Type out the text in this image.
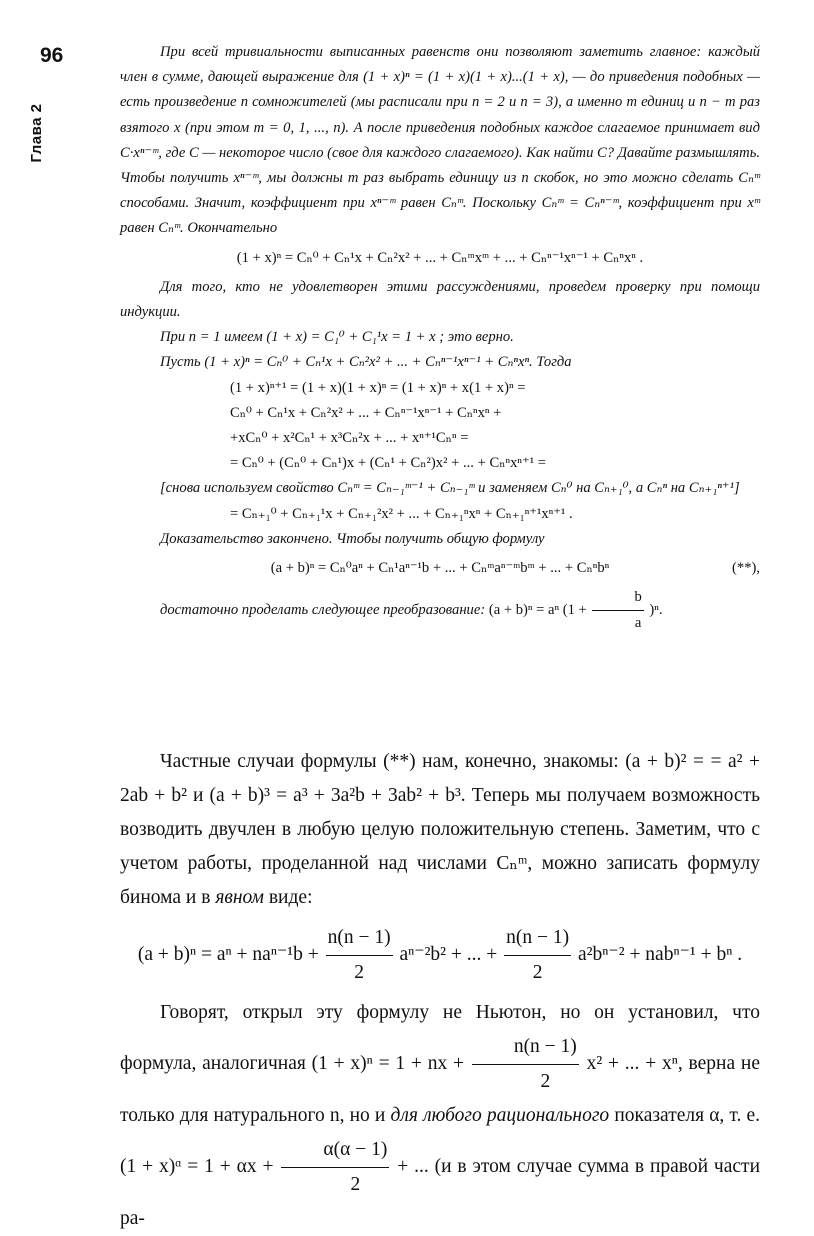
96
Глава 2

При всей тривиальности выписанных равенств они позволяют заметить главное: каждый член в сумме, дающей выражение для (1 + x)ⁿ = (1 + x)(1 + x)...(1 + x), — до приведения подобных — есть произведение n сомножителей (мы расписали при n = 2 и n = 3), а именно m единиц и n − m раз взятого x (при этом m = 0, 1, ..., n). А после приведения подобных каждое слагаемое принимает вид C·xⁿ⁻ᵐ, где C — некоторое число (свое для каждого слагаемого). Как найти C? Давайте размышлять. Чтобы получить xⁿ⁻ᵐ, мы должны m раз выбрать единицу из n скобок, но это можно сделать Cₙᵐ способами. Значит, коэффициент при xⁿ⁻ᵐ равен Cₙᵐ. Поскольку Cₙᵐ = Cₙⁿ⁻ᵐ, коэффициент при xᵐ равен Cₙᵐ. Окончательно

(1 + x)ⁿ = Cₙ⁰ + Cₙ¹x + Cₙ²x² + ... + Cₙᵐxᵐ + ... + Cₙⁿ⁻¹xⁿ⁻¹ + Cₙⁿxⁿ .

Для того, кто не удовлетворен этими рассуждениями, проведем проверку при помощи индукции.

При n = 1 имеем (1 + x) = C₁⁰ + C₁¹x = 1 + x ; это верно.

Пусть (1 + x)ⁿ = Cₙ⁰ + Cₙ¹x + Cₙ²x² + ... + Cₙⁿ⁻¹xⁿ⁻¹ + Cₙⁿxⁿ. Тогда

(1 + x)ⁿ⁺¹ = (1 + x)(1 + x)ⁿ = (1 + x)ⁿ + x(1 + x)ⁿ =
Cₙ⁰ + Cₙ¹x + Cₙ²x² + ... + Cₙⁿ⁻¹xⁿ⁻¹ + Cₙⁿxⁿ +
+xCₙ⁰ + x²Cₙ¹ + x³Cₙ²x + ... + xⁿ⁺¹Cₙⁿ =
= Cₙ⁰ + (Cₙ⁰ + Cₙ¹)x + (Cₙ¹ + Cₙ²)x² + ... + Cₙⁿxⁿ⁺¹ =

[снова используем свойство Cₙᵐ = Cₙ₋₁ᵐ⁻¹ + Cₙ₋₁ᵐ и заменяем Cₙ⁰ на Cₙ₊₁⁰, а Cₙⁿ на Cₙ₊₁ⁿ⁺¹]

= Cₙ₊₁⁰ + Cₙ₊₁¹x + Cₙ₊₁²x² + ... + Cₙ₊₁ⁿxⁿ + Cₙ₊₁ⁿ⁺¹xⁿ⁺¹ .

Доказательство закончено. Чтобы получить общую формулу

(a + b)ⁿ = Cₙ⁰aⁿ + Cₙ¹aⁿ⁻¹b + ... + Cₙᵐaⁿ⁻ᵐbᵐ + ... + Cₙⁿbⁿ	(**),

достаточно проделать следующее преобразование: (a + b)ⁿ = aⁿ $(1 + \frac{b}{a} )^n$.

Частные случаи формулы (**) нам, конечно, знакомы: (a + b)² = = a² + 2ab + b² и (a + b)³ = a³ + 3a²b + 3ab² + b³. Теперь мы получаем возможность возводить двучлен в любую целую положительную степень. Заметим, что с учетом работы, проделанной над числами Cₙᵐ, можно записать формулу бинома и в явном виде:

$(a + b)^n = a^n + na^{n-1}b + \frac{n(n - 1)}{2} a^{n-2}b^2$ + ... + $\frac{n(n - 1)}{2} a^2b^{n-2} + nab^{n-1} + b^n$ .

Говорят, открыл эту формулу не Ньютон, но он установил, что формула, аналогичная (1 + x)ⁿ = 1 + nx + $\frac{n(n - 1)}{2} x^2$ + ... + xⁿ, верна не только для натурального n, но и для любого рационального показателя α, т. е. (1 + x)ᵅ = $1 + \alpha x + \frac{\alpha(\alpha - 1)}{2}$ + ... (и в этом случае сумма в правой части ра-
